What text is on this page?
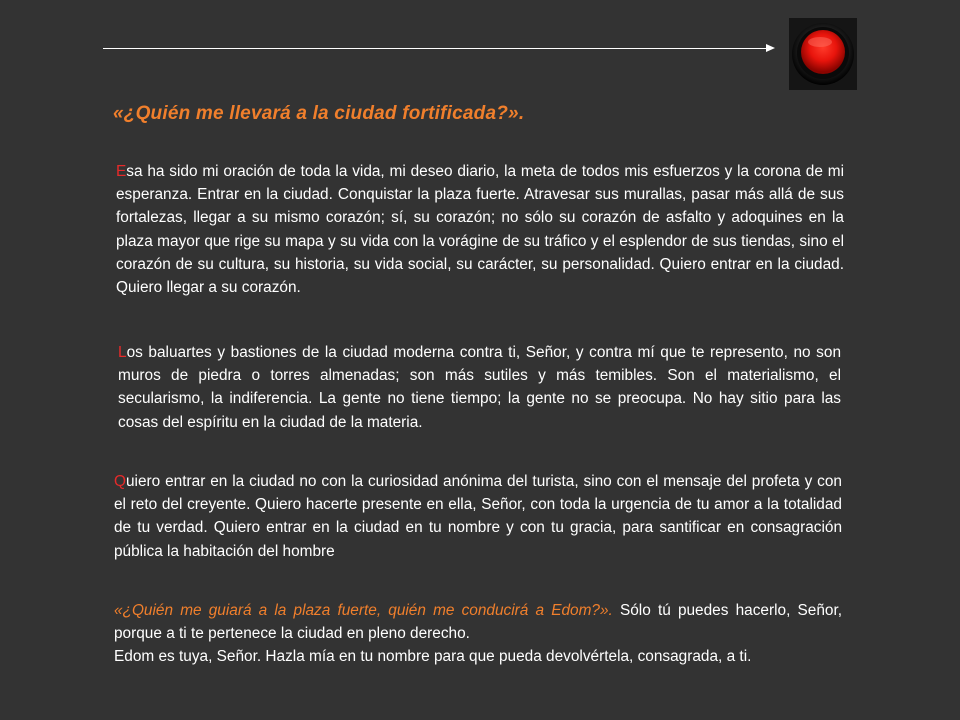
«¿Quién me llevará a la ciudad fortificada?».

Esa ha sido mi oración de toda la vida, mi deseo diario, la meta de todos mis esfuerzos y la corona de mi esperanza. Entrar en la ciudad. Conquistar la plaza fuerte. Atravesar sus murallas, pasar más allá de sus fortalezas, llegar a su mismo corazón; sí, su corazón; no sólo su corazón de asfalto y adoquines en la plaza mayor que rige su mapa y su vida con la vorágine de su tráfico y el esplendor de sus tiendas, sino el corazón de su cultura, su historia, su vida social, su carácter, su personalidad. Quiero entrar en la ciudad. Quiero llegar a su corazón.

Los baluartes y bastiones de la ciudad moderna contra ti, Señor, y contra mí que te represento, no son muros de piedra o torres almenadas; son más sutiles y más temibles. Son el materialismo, el secularismo, la indiferencia. La gente no tiene tiempo; la gente no se preocupa. No hay sitio para las cosas del espíritu en la ciudad de la materia.

Quiero entrar en la ciudad no con la curiosidad anónima del turista, sino con el mensaje del profeta y con el reto del creyente. Quiero hacerte presente en ella, Señor, con toda la urgencia de tu amor a la totalidad de tu verdad. Quiero entrar en la ciudad en tu nombre y con tu gracia, para santificar en consagración pública la habitación del hombre

«¿Quién me guiará a la plaza fuerte, quién me conducirá a Edom?». Sólo tú puedes hacerlo, Señor, porque a ti te pertenece la ciudad en pleno derecho.
Edom es tuya, Señor. Hazla mía en tu nombre para que pueda devolvértela, consagrada, a ti.
